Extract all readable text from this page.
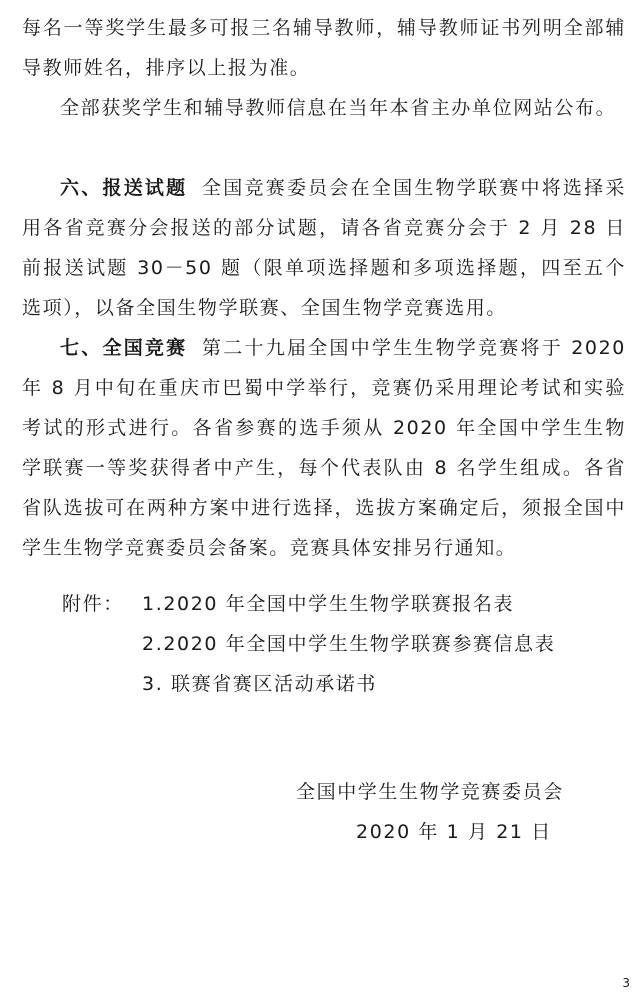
每名一等奖学生最多可报三名辅导教师，辅导教师证书列明全部辅导教师姓名，排序以上报为准。

全部获奖学生和辅导教师信息在当年本省主办单位网站公布。

六、报送试题 全国竞赛委员会在全国生物学联赛中将选择采用各省竞赛分会报送的部分试题，请各省竞赛分会于 2 月 28 日前报送试题 30－50 题（限单项选择题和多项选择题，四至五个选项），以备全国生物学联赛、全国生物学竞赛选用。

七、全国竞赛 第二十九届全国中学生生物学竞赛将于 2020 年 8 月中旬在重庆市巴蜀中学举行，竞赛仍采用理论考试和实验考试的形式进行。各省参赛的选手须从 2020 年全国中学生生物学联赛一等奖获得者中产生，每个代表队由 8 名学生组成。各省省队选拔可在两种方案中进行选择，选拔方案确定后，须报全国中学生生物学竞赛委员会备案。竞赛具体安排另行通知。

附件： 1.2020 年全国中学生生物学联赛报名表
2.2020 年全国中学生生物学联赛参赛信息表
3. 联赛省赛区活动承诺书
全国中学生生物学竞赛委员会
2020 年 1 月 21 日
3
